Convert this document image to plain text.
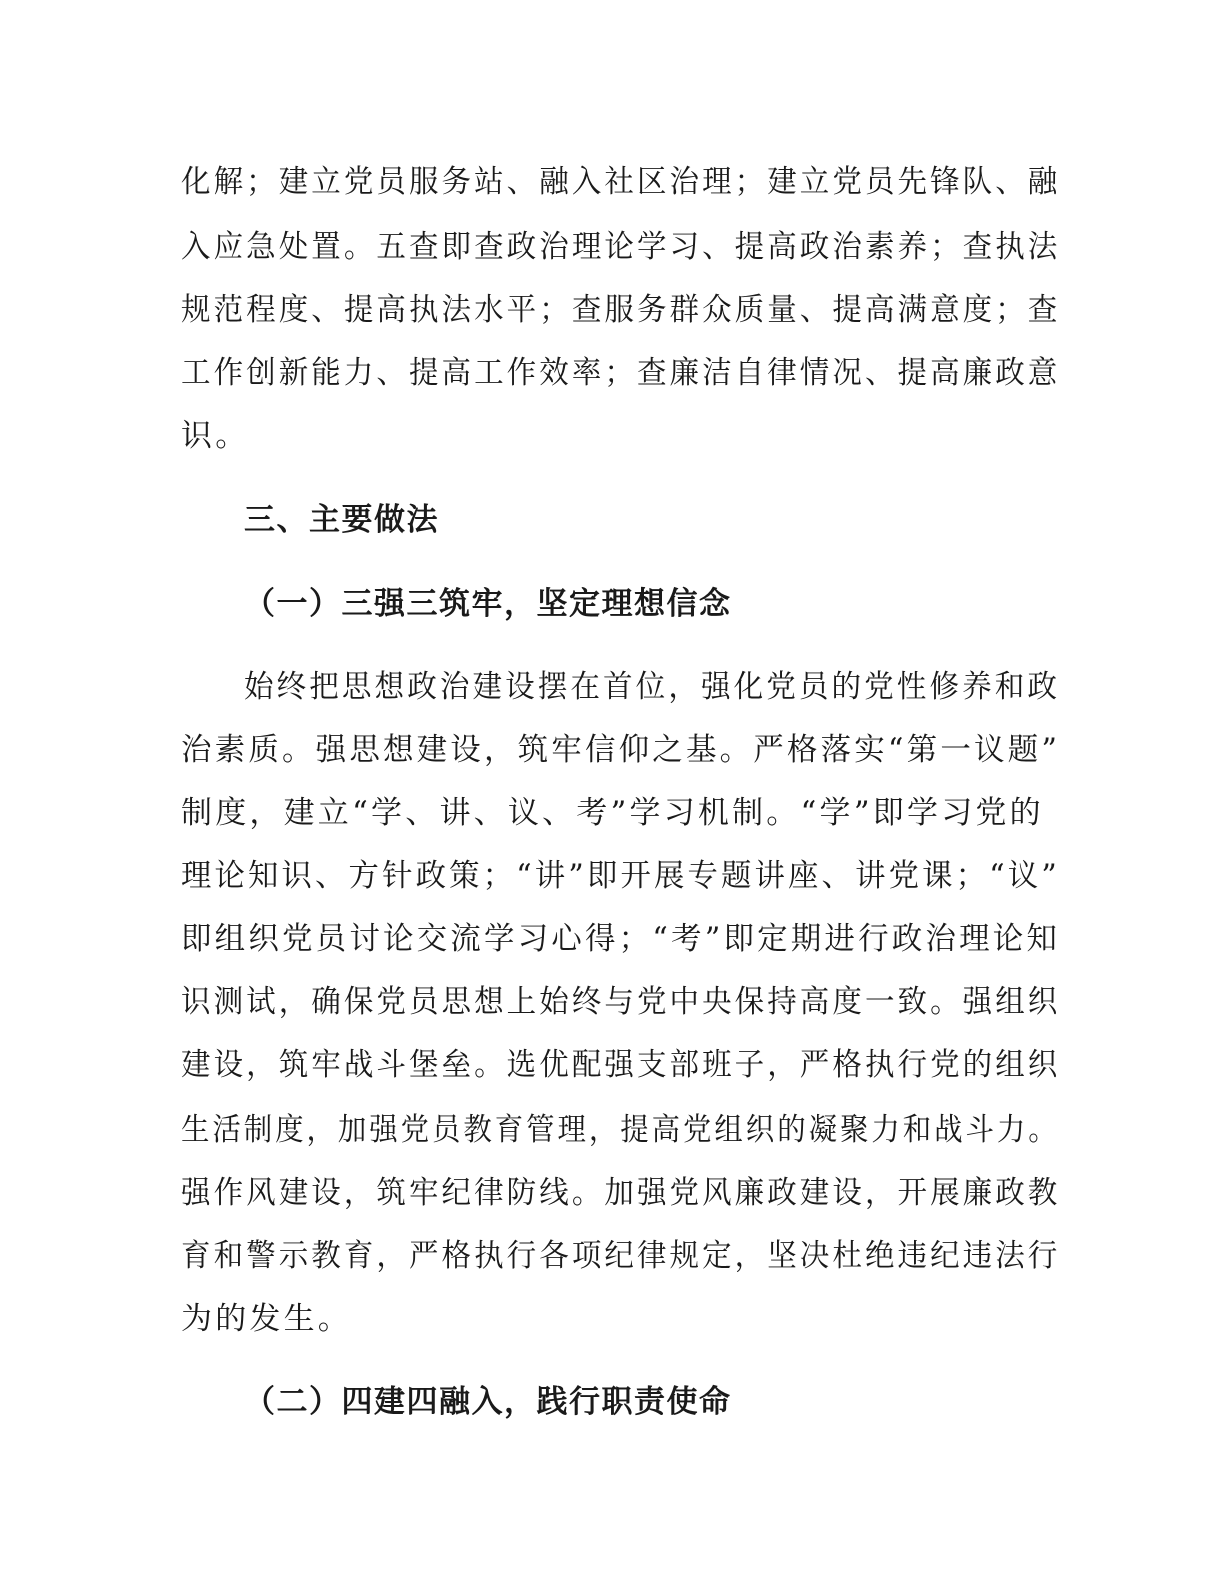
化解；建立党员服务站、融入社区治理；建立党员先锋队、融

入应急处置。五查即查政治理论学习、提高政治素养；查执法

规范程度、提高执法水平；查服务群众质量、提高满意度；查

工作创新能力、提高工作效率；查廉洁自律情况、提高廉政意

识。

三、主要做法

（一）三强三筑牢，坚定理想信念

始终把思想政治建设摆在首位，强化党员的党性修养和政

治素质。强思想建设，筑牢信仰之基。严格落实“第一议题”

制度，建立“学、讲、议、考”学习机制。“学”即学习党的

理论知识、方针政策；“讲”即开展专题讲座、讲党课；“议”

即组织党员讨论交流学习心得；“考”即定期进行政治理论知

识测试，确保党员思想上始终与党中央保持高度一致。强组织

建设，筑牢战斗堡垒。选优配强支部班子，严格执行党的组织

生活制度，加强党员教育管理，提高党组织的凝聚力和战斗力。

强作风建设，筑牢纪律防线。加强党风廉政建设，开展廉政教

育和警示教育，严格执行各项纪律规定，坚决杜绝违纪违法行

为的发生。

（二）四建四融入，践行职责使命
